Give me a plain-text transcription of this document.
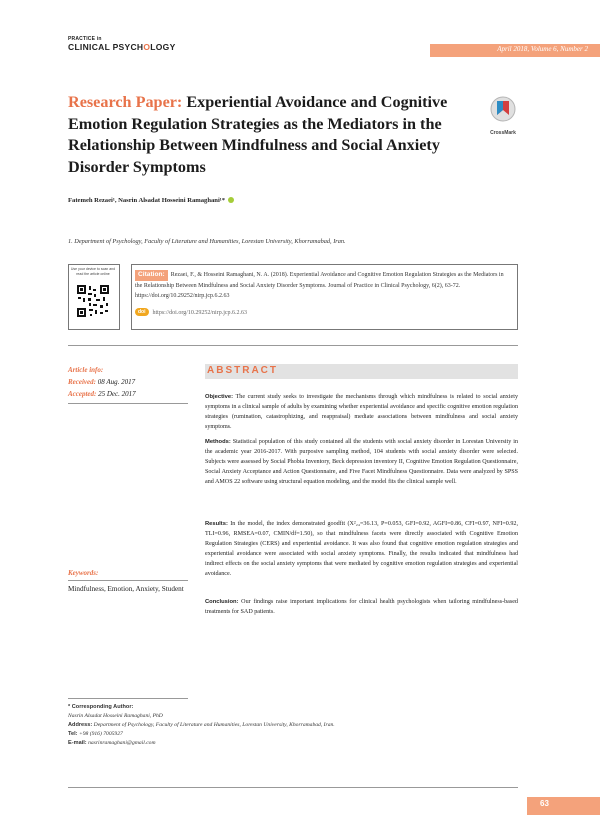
PRACTICE in
CLINICAL PSYCHOLOGY	April 2018, Volume 6, Number 2
Research Paper: Experiential Avoidance and Cognitive Emotion Regulation Strategies as the Mediators in the Relationship Between Mindfulness and Social Anxiety Disorder Symptoms
CrossMark
Fatemeh Rezaei¹, Nasrin Alsadat Hosseini Ramaghani¹*
1. Department of Psychology, Faculty of Literature and Humanities, Lorestan University, Khorramabad, Iran.
Use your device to scan and read the article online	Citation: Rezaei, F., & Hosseini Ramaghani, N. A. (2018). Experiential Avoidance and Cognitive Emotion Regulation Strategies as the Mediators in the Relationship Between Mindfulness and Social Anxiety Disorder Symptoms. Journal of Practice in Clinical Psychology, 6(2), 63-72. https://doi.org/10.29252/nirp.jcp.6.2.63
doi https://doi.org/10.29252/nirp.jcp.6.2.63
Article info:
Received: 08 Aug. 2017
Accepted: 25 Dec. 2017
Keywords:
Mindfulness, Emotion, Anxiety, Student
ABSTRACT
Objective: The current study seeks to investigate the mechanisms through which mindfulness is related to social anxiety symptoms in a clinical sample of adults by examining whether experiential avoidance and specific cognitive emotion regulation strategies (rumination, catastrophizing, and reappraisal) mediate associations between mindfulness and social anxiety symptoms.
Methods: Statistical population of this study contained all the students with social anxiety disorder in Lorestan University in the academic year 2016-2017. With purposive sampling method, 104 students with social anxiety disorder were selected. Subjects were assessed by Social Phobia Inventory, Beck depression inventory II, Cognitive Emotion Regulation Questionnaire, Social Anxiety Acceptance and Action Questionnaire, and Five Facet Mindfulness Questionnaire. Data were analyzed by SPSS and AMOS 22 software using structural equation modeling, and the model fits the clinical sample well.
Results: In the model, the index demonstrated goodfit (X²₂₄=36.13, P=0.053, GFI=0.92, AGFI=0.86, CFI=0.97, NFI=0.92, TLI=0.96, RMSEA=0.07, CMIN/df=1.50), so that mindfulness facets were directly associated with Cognitive Emotion Regulation Strategies (CERS) and experiential avoidance. It was also found that cognitive emotion regulation strategies and experiential avoidance were associated with social anxiety symptoms. Finally, the results indicated that mindfulness had indirect effects on the social anxiety symptoms that were mediated by cognitive emotion regulation strategies and experiential avoidance.
Conclusion: Our findings raise important implications for clinical health psychologists when tailoring mindfulness-based treatments for SAD patients.
* Corresponding Author:
Nasrin Alsadat Hosseini Ramaghani, PhD
Address: Department of Psychology, Faculty of Literature and Humanities, Lorestan University, Khorramabad, Iran.
Tel: +98 (916) 7005927
E-mail: nasrinramaghani@gmail.com
63
